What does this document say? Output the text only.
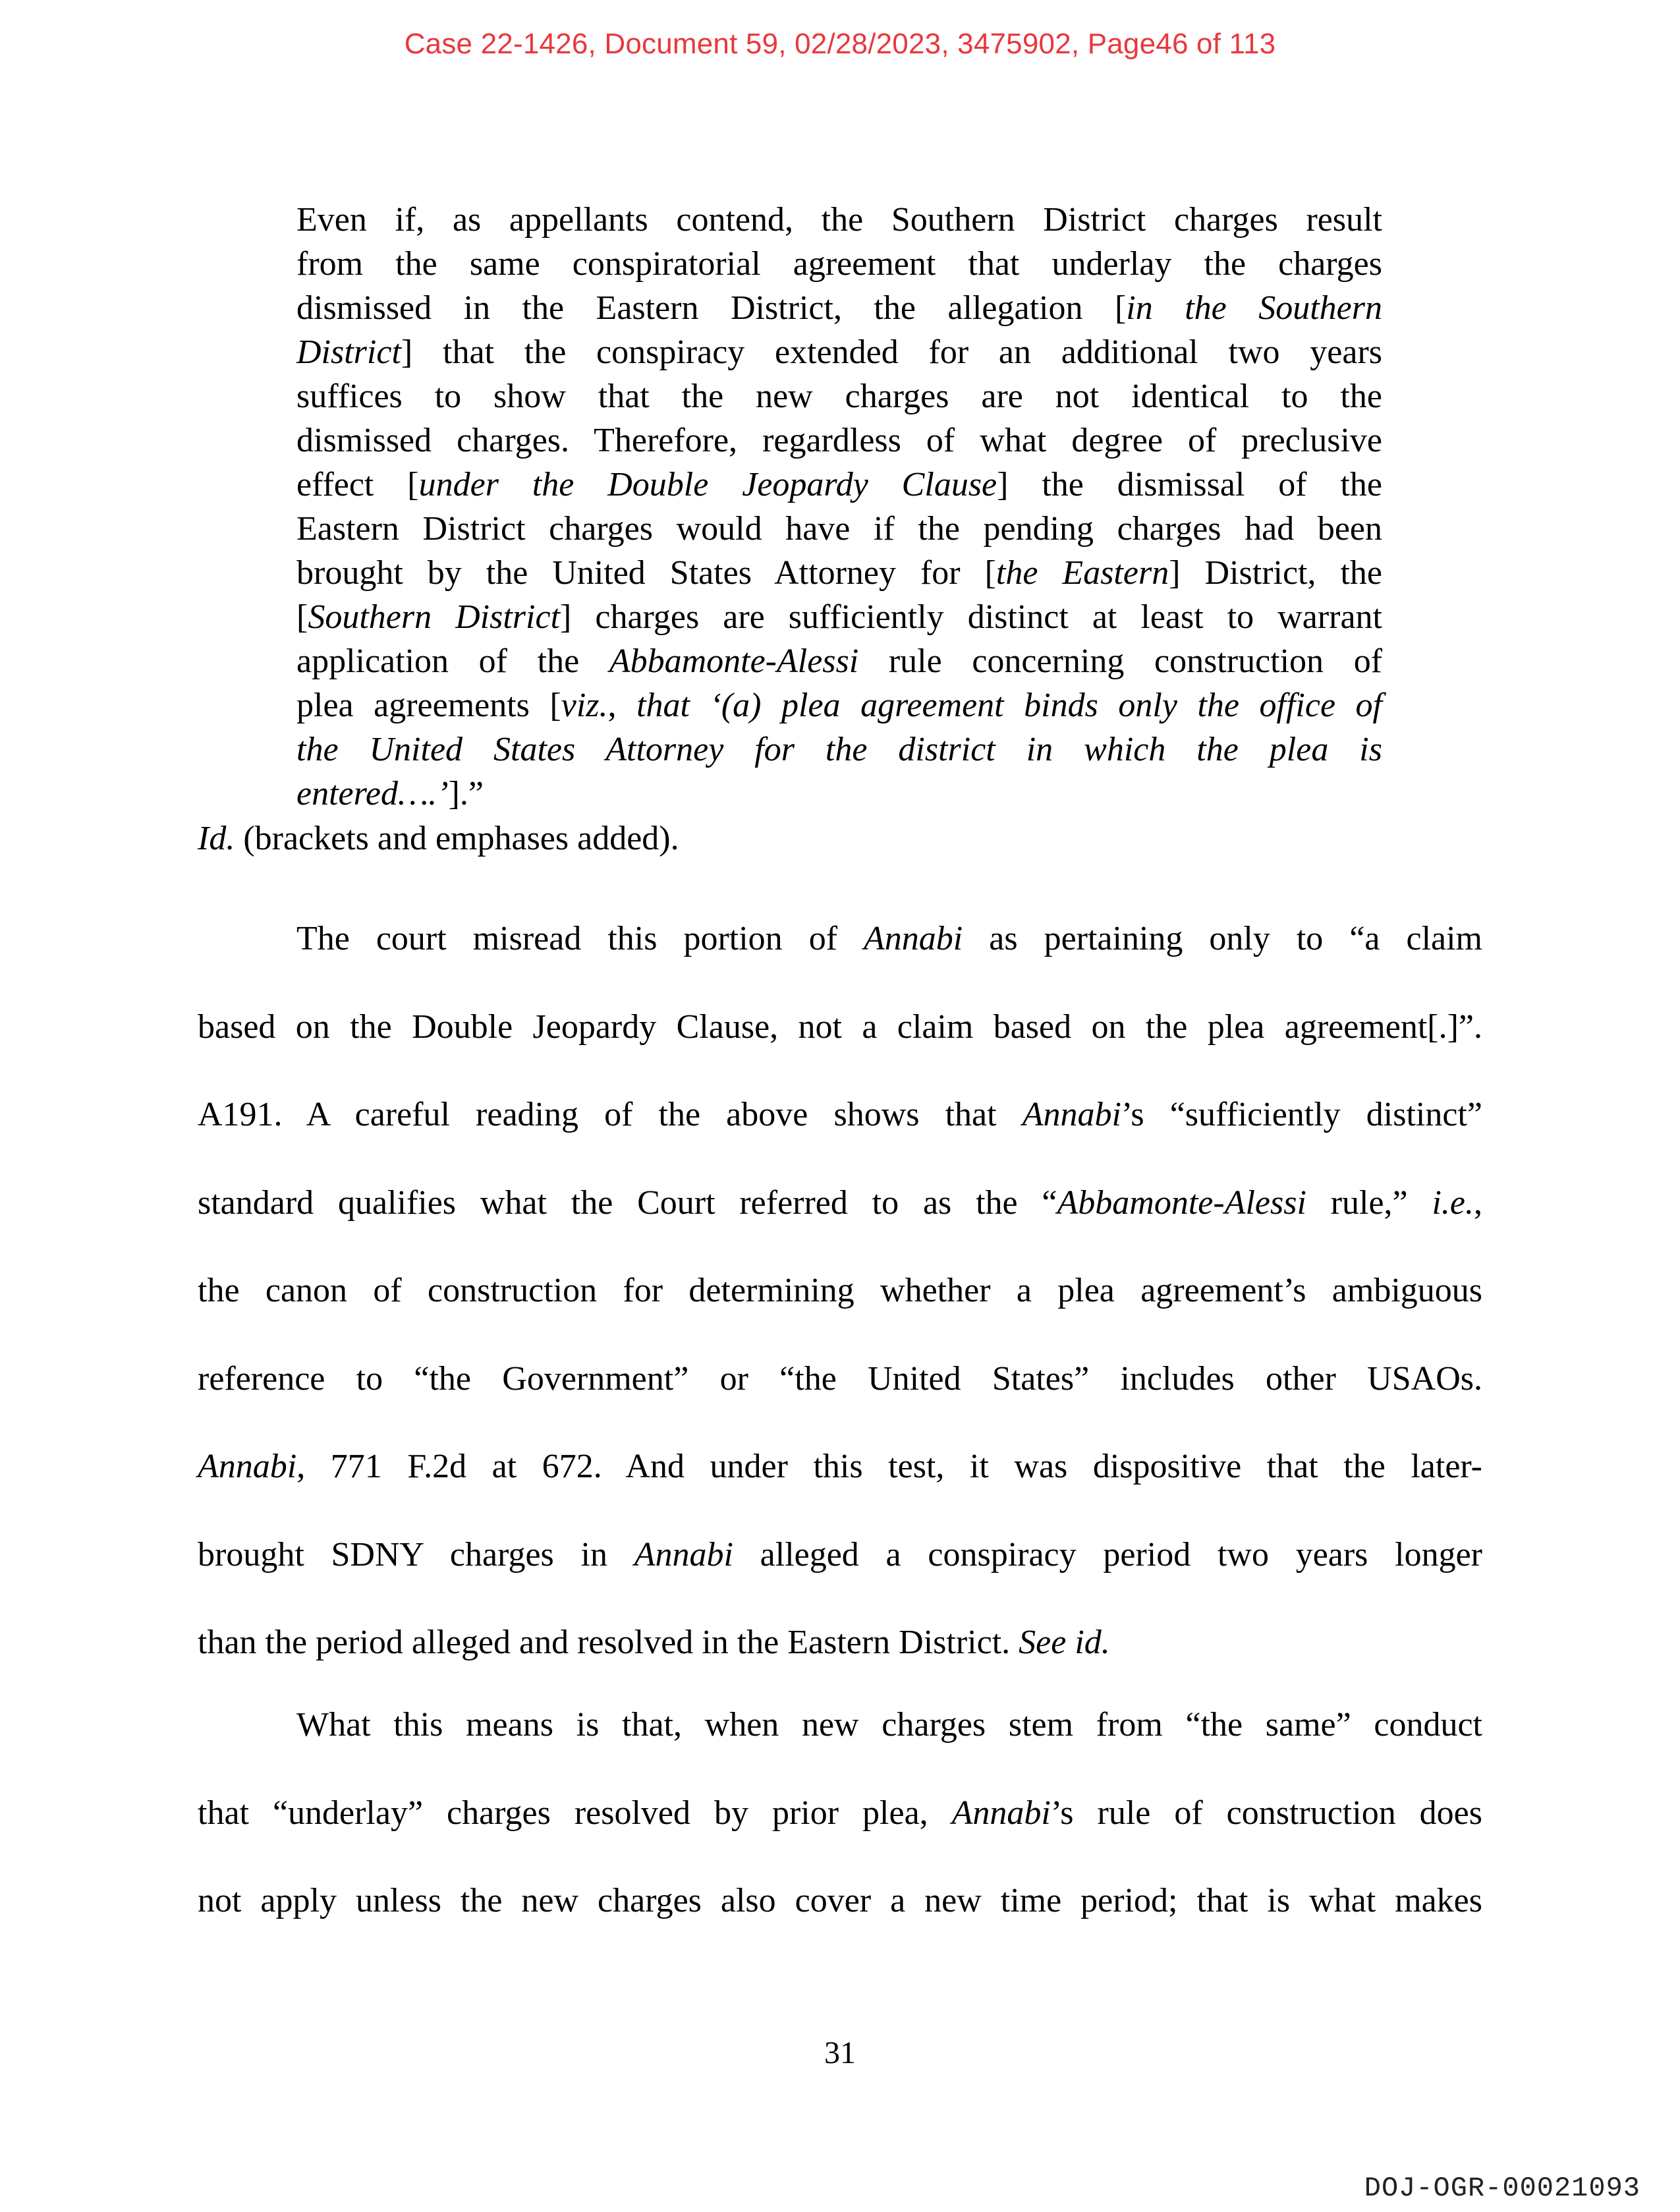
Case 22-1426, Document 59, 02/28/2023, 3475902, Page46 of 113
Even if, as appellants contend, the Southern District charges result
from the same conspiratorial agreement that underlay the charges
dismissed in the Eastern District, the allegation [in the Southern
District] that the conspiracy extended for an additional two years
suffices to show that the new charges are not identical to the
dismissed charges. Therefore, regardless of what degree of preclusive
effect [under the Double Jeopardy Clause] the dismissal of the
Eastern District charges would have if the pending charges had been
brought by the United States Attorney for [the Eastern] District, the
[Southern District] charges are sufficiently distinct at least to warrant
application of the Abbamonte-Alessi rule concerning construction of
plea agreements [viz., that ‘(a) plea agreement binds only the office of
the United States Attorney for the district in which the plea is
entered….’].”
Id. (brackets and emphases added).
The court misread this portion of Annabi as pertaining only to “a claim
based on the Double Jeopardy Clause, not a claim based on the plea agreement[.]”.
A191. A careful reading of the above shows that Annabi’s “sufficiently distinct”
standard qualifies what the Court referred to as the “Abbamonte-Alessi rule,” i.e.,
the canon of construction for determining whether a plea agreement’s ambiguous
reference to “the Government” or “the United States” includes other USAOs.
Annabi, 771 F.2d at 672. And under this test, it was dispositive that the later-
brought SDNY charges in Annabi alleged a conspiracy period two years longer
than the period alleged and resolved in the Eastern District. See id.
What this means is that, when new charges stem from “the same” conduct
that “underlay” charges resolved by prior plea, Annabi’s rule of construction does
not apply unless the new charges also cover a new time period; that is what makes
31
DOJ-OGR-00021093
